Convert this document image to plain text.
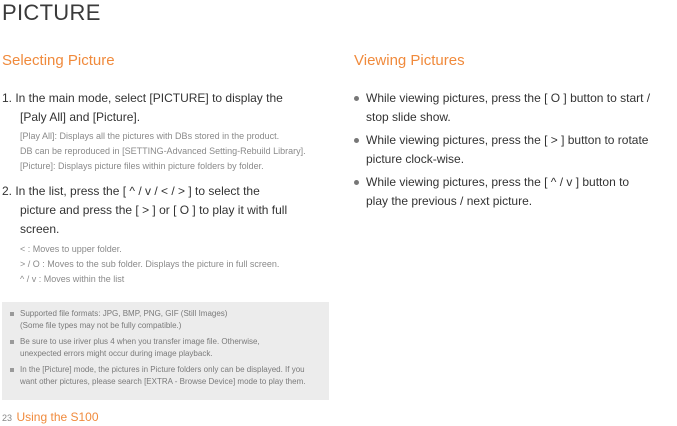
PICTURE
Selecting Picture
1. In the main mode, select [PICTURE] to display the
[Paly All] and [Picture].
[Play All]: Displays all the pictures with DBs stored in the product.
DB can be reproduced in [SETTING-Advanced Setting-Rebuild Library].
[Picture]: Displays picture files within picture folders by folder.
2. In the list, press the [ ^ / v / < / > ] to select the
picture and press the [ > ] or [ O ] to play it with full
screen.
< : Moves to upper folder.
> / O : Moves to the sub folder. Displays the picture in full screen.
^ / v : Moves within the list
Supported file formats: JPG, BMP, PNG, GIF (Still Images)
(Some file types may not be fully compatible.)
Be sure to use iriver plus 4 when you transfer image file. Otherwise,
unexpected errors might occur during image playback.
In the [Picture] mode, the pictures in Picture folders only can be displayed. If you
want other pictures, please search [EXTRA - Browse Device] mode to play them.
Viewing Pictures
While viewing pictures, press the [ O ] button to start /
stop slide show.
While viewing pictures, press the [ > ] button to rotate
picture clock-wise.
While viewing pictures, press the [ ^ / v ] button to
play the previous / next picture.
23 Using the S100
